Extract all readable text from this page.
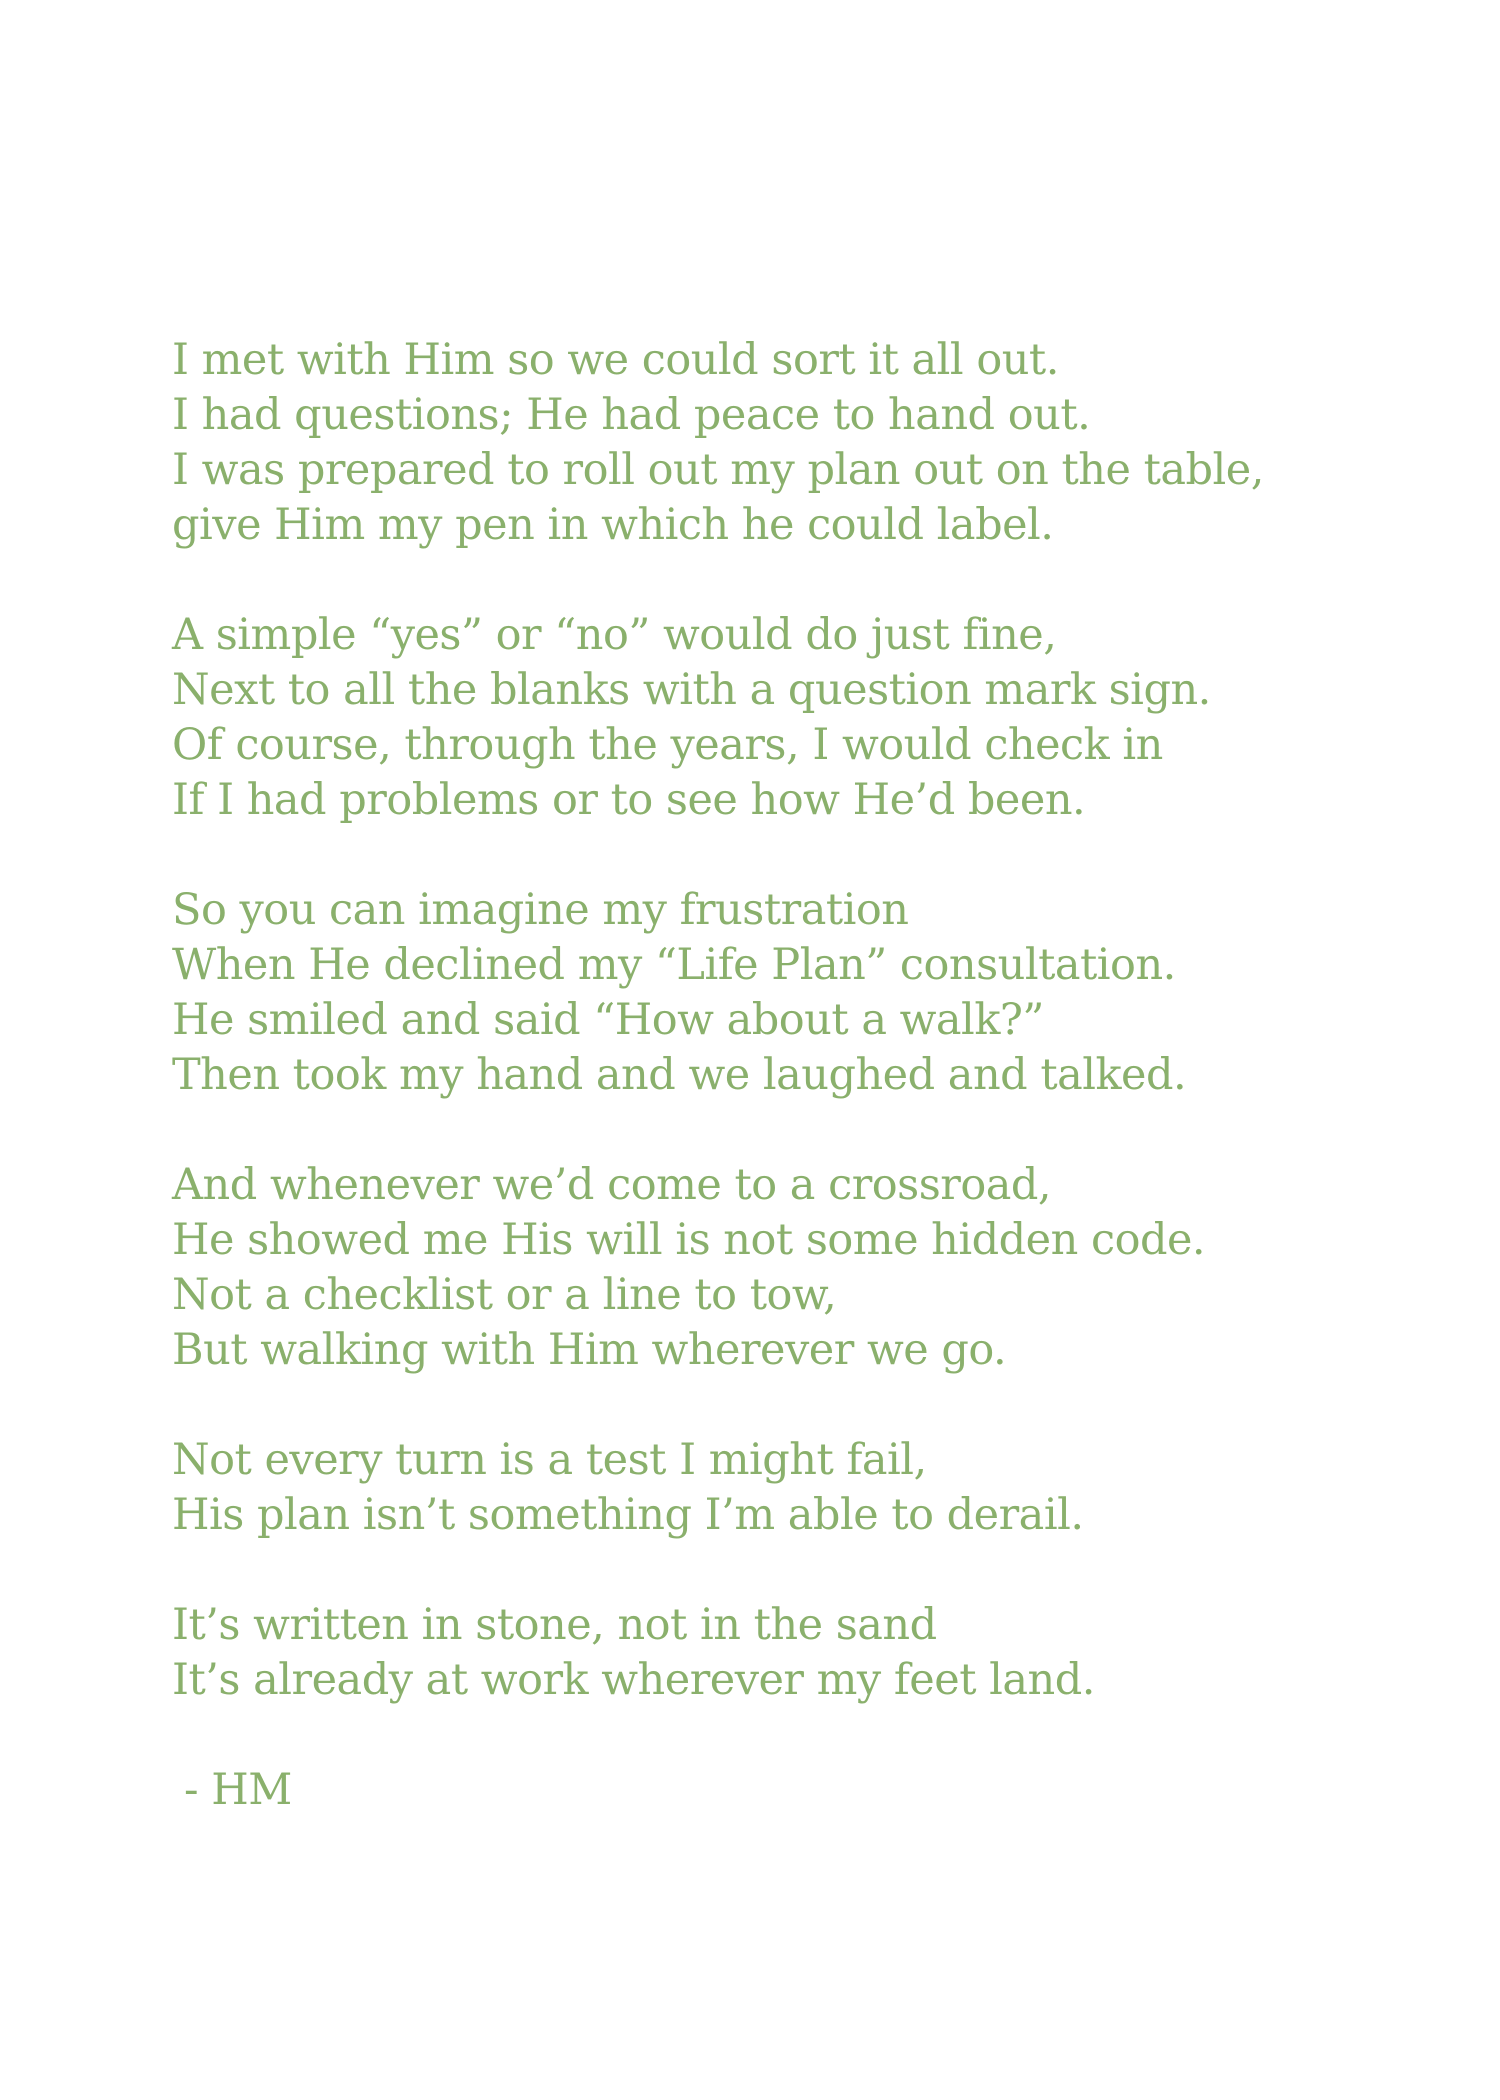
I met with Him so we could sort it all out.
I had questions; He had peace to hand out.
I was prepared to roll out my plan out on the table,
give Him my pen in which he could label.
A simple “yes” or “no” would do just fine,
Next to all the blanks with a question mark sign.
Of course, through the years, I would check in
If I had problems or to see how He’d been.
So you can imagine my frustration
When He declined my “Life Plan” consultation.
He smiled and said “How about a walk?”
Then took my hand and we laughed and talked.
And whenever we’d come to a crossroad,
He showed me His will is not some hidden code.
Not a checklist or a line to tow,
But walking with Him wherever we go.
Not every turn is a test I might fail,
His plan isn’t something I’m able to derail.
It’s written in stone, not in the sand
It’s already at work wherever my feet land.
- HM
